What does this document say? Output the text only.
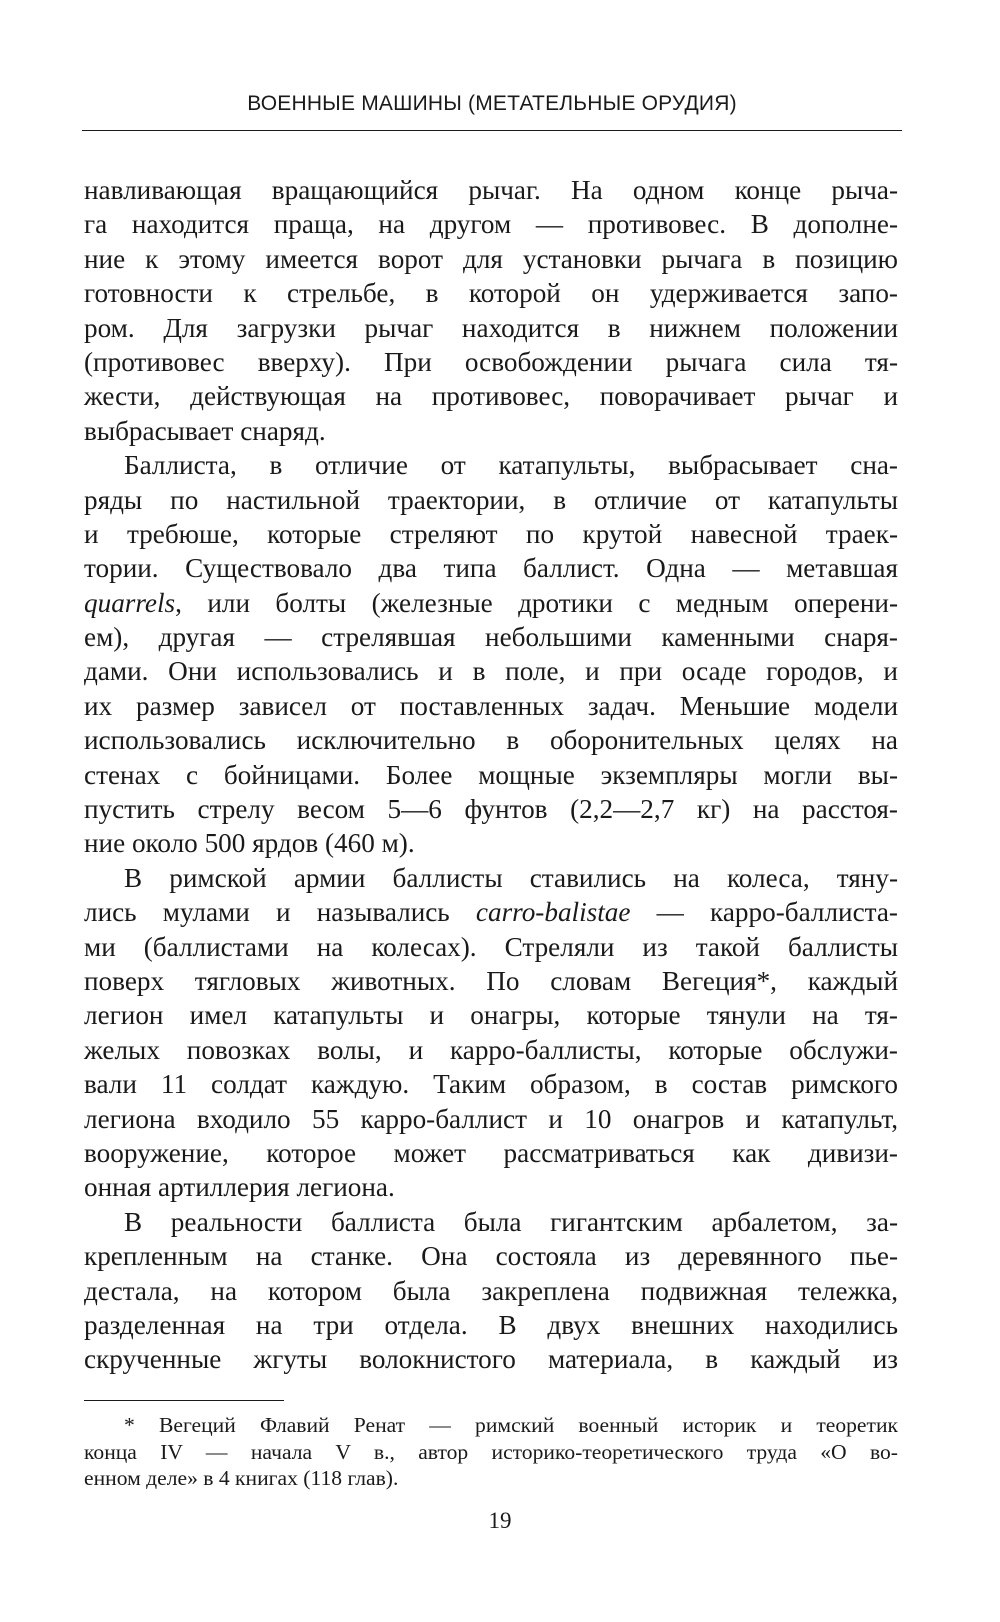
ВОЕННЫЕ МАШИНЫ (МЕТАТЕЛЬНЫЕ ОРУДИЯ)
навливающая вращающийся рычаг. На одном конце рыча-
га находится праща, на другом — противовес. В дополне-
ние к этому имеется ворот для установки рычага в позицию
готовности к стрельбе, в которой он удерживается запо-
ром. Для загрузки рычаг находится в нижнем положении
(противовес вверху). При освобождении рычага сила тя-
жести, действующая на противовес, поворачивает рычаг и
выбрасывает снаряд.
Баллиста, в отличие от катапульты, выбрасывает сна-
ряды по настильной траектории, в отличие от катапульты
и требюше, которые стреляют по крутой навесной траек-
тории. Существовало два типа баллист. Одна — метавшая
quarrels, или болты (железные дротики с медным оперени-
ем), другая — стрелявшая небольшими каменными снаря-
дами. Они использовались и в поле, и при осаде городов, и
их размер зависел от поставленных задач. Меньшие модели
использовались исключительно в оборонительных целях на
стенах с бойницами. Более мощные экземпляры могли вы-
пустить стрелу весом 5—6 фунтов (2,2—2,7 кг) на расстоя-
ние около 500 ярдов (460 м).
В римской армии баллисты ставились на колеса, тяну-
лись мулами и назывались carro-balistae — карро-баллиста-
ми (баллистами на колесах). Стреляли из такой баллисты
поверх тягловых животных. По словам Вегеция*, каждый
легион имел катапульты и онагры, которые тянули на тя-
желых повозках волы, и карро-баллисты, которые обслужи-
вали 11 солдат каждую. Таким образом, в состав римского
легиона входило 55 карро-баллист и 10 онагров и катапульт,
вооружение, которое может рассматриваться как дивизи-
онная артиллерия легиона.
В реальности баллиста была гигантским арбалетом, за-
крепленным на станке. Она состояла из деревянного пье-
дестала, на котором была закреплена подвижная тележка,
разделенная на три отдела. В двух внешних находились
скрученные жгуты волокнистого материала, в каждый из
* Вегеций Флавий Ренат — римский военный историк и теоретик
конца IV — начала V в., автор историко-теоретического труда «О во-
енном деле» в 4 книгах (118 глав).
19
